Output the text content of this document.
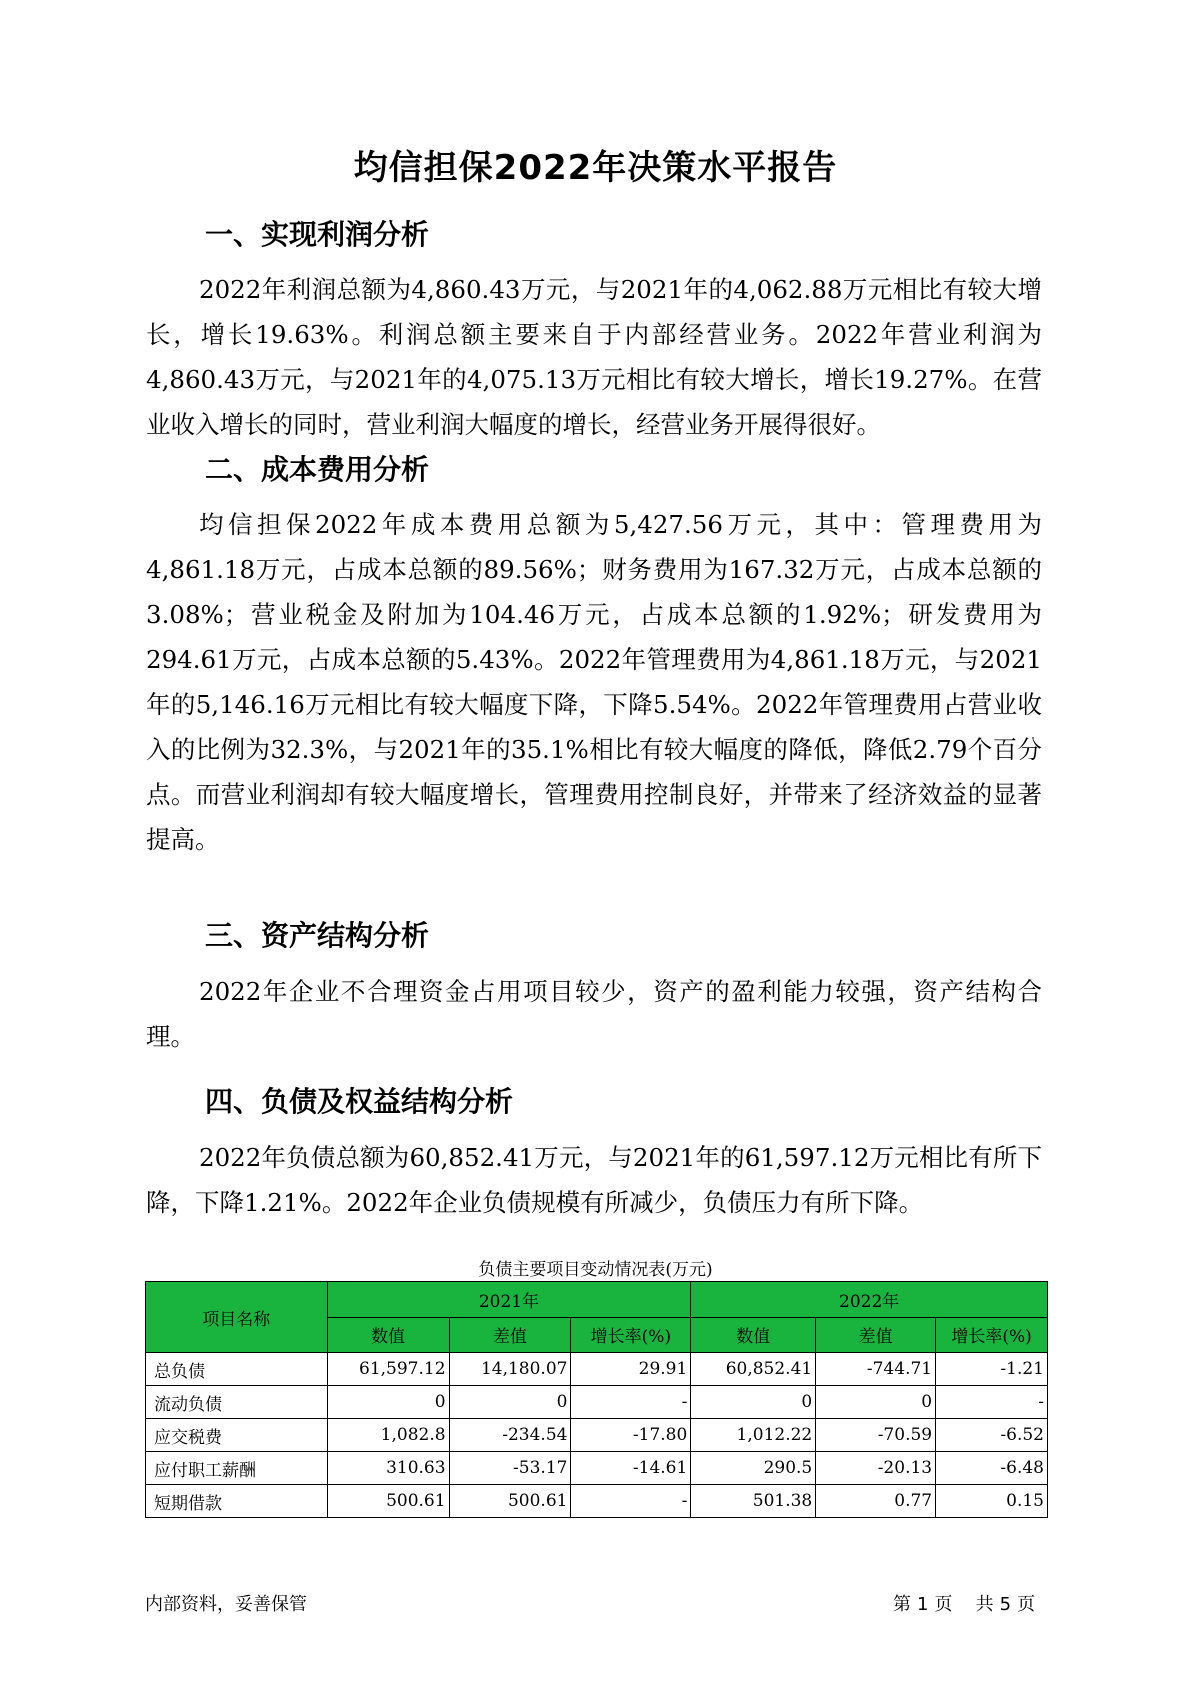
均信担保2022年决策水平报告
一、实现利润分析

2022年利润总额为4,860.43万元，与2021年的4,062.88万元相比有较大增长，增长19.63%。利润总额主要来自于内部经营业务。2022年营业利润为4,860.43万元，与2021年的4,075.13万元相比有较大增长，增长19.27%。在营业收入增长的同时，营业利润大幅度的增长，经营业务开展得很好。

二、成本费用分析

均信担保2022年成本费用总额为5,427.56万元，其中：管理费用为4,861.18万元，占成本总额的89.56%；财务费用为167.32万元，占成本总额的3.08%；营业税金及附加为104.46万元，占成本总额的1.92%；研发费用为294.61万元，占成本总额的5.43%。2022年管理费用为4,861.18万元，与2021年的5,146.16万元相比有较大幅度下降，下降5.54%。2022年管理费用占营业收入的比例为32.3%，与2021年的35.1%相比有较大幅度的降低，降低2.79个百分点。而营业利润却有较大幅度增长，管理费用控制良好，并带来了经济效益的显著提高。

三、资产结构分析

2022年企业不合理资金占用项目较少，资产的盈利能力较强，资产结构合理。

四、负债及权益结构分析

2022年负债总额为60,852.41万元，与2021年的61,597.12万元相比有所下降，下降1.21%。2022年企业负债规模有所减少，负债压力有所下降。

负债主要项目变动情况表(万元)
项目名称	2021年			2022年		
	数值	差值	增长率(%)	数值	差值	增长率(%)
总负债	61,597.12	14,180.07	29.91	60,852.41	-744.71	-1.21
流动负债	0	0	-	0	0	-
应交税费	1,082.8	-234.54	-17.80	1,012.22	-70.59	-6.52
应付职工薪酬	310.63	-53.17	-14.61	290.5	-20.13	-6.48
短期借款	500.61	500.61	-	501.38	0.77	0.15
内部资料，妥善保管	第 1 页 共 5 页
